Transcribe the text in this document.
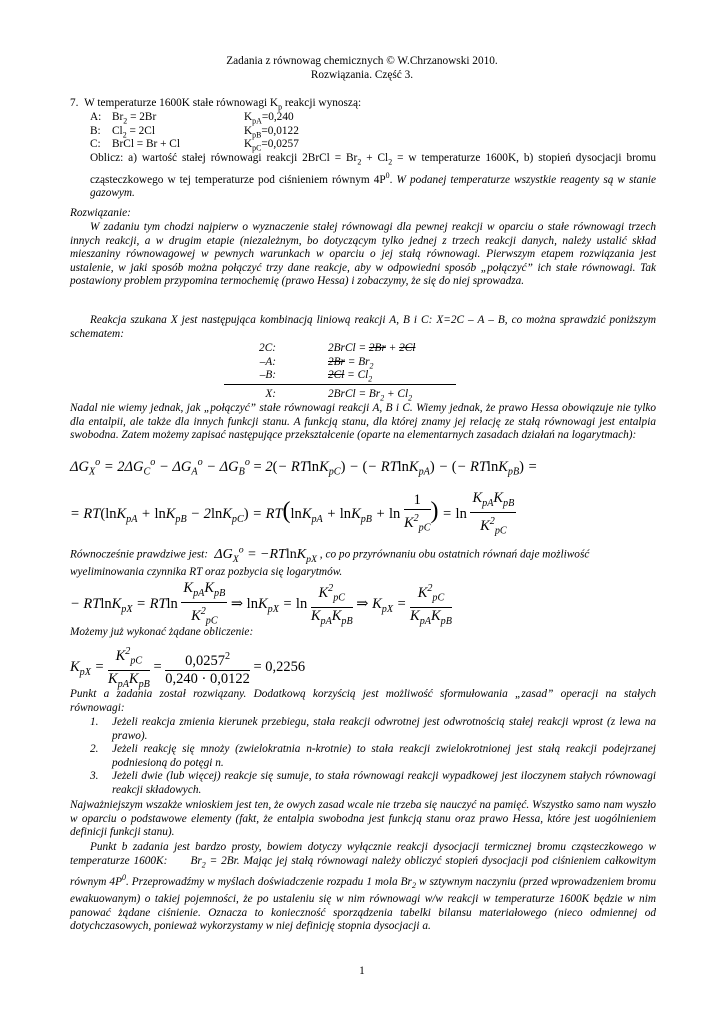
Zadania z równowag chemicznych © W.Chrzanowski 2010.
Rozwiązania. Część 3.
7.  W temperaturze 1600K stałe równowagi $K_p$ reakcji wynoszą:
A: $Br_2 = 2Br$	$K_{pA}=0,240$
B: $Cl_2 = 2Cl$	$K_{pB}=0,0122$
C: BrCl = Br + Cl	$K_{pC}=0,0257$
Oblicz: a) wartość stałej równowagi reakcji 2BrCl = $Br_2 + Cl_2 = w$ temperaturze 1600K, b) stopień dysocjacji bromu cząsteczkowego w tej temperaturze pod ciśnieniem równym $4P^0$. W podanej temperaturze wszystkie reagenty są w stanie gazowym.
Rozwiązanie:
W zadaniu tym chodzi najpierw o wyznaczenie stałej równowagi dla pewnej reakcji w oparciu o stałe równowagi trzech innych reakcji, a w drugim etapie (niezależnym, bo dotyczącym tylko jednej z trzech reakcji danych, należy ustalić skład mieszaniny równowagowej w pewnych warunkach w oparciu o jej stałą równowagi. Pierwszym etapem rozwiązania jest ustalenie, w jaki sposób można połączyć trzy dane reakcje, aby w odpowiedni sposób „połączyć” ich stałe równowagi. Tak postawiony problem przypomina termochemię (prawo Hessa) i zobaczymy, że się do niej sprowadza.
Reakcja szukana X jest następująca kombinacją liniową reakcji A, B i C: X=2C – A – B, co można sprawdzić poniższym schematem:
2C:	2BrCl = 2Br + 2Cl
–A:	$2Br = Br_2$
–B:	$2Cl = Cl_2$
X:	2BrCl = $Br_2 + Cl_2$
Nadal nie wiemy jednak, jak „połączyć” stałe równowagi reakcji A, B i C. Wiemy jednak, że prawo Hessa obowiązuje nie tylko dla entalpii, ale także dla innych funkcji stanu. A funkcją stanu, dla której znamy jej relację ze stałą równowagi jest entalpia swobodna. Zatem możemy zapisać następujące przekształcenie (oparte na elementarnych zasadach działań na logarytmach):
$\Delta G_X^o = 2\Delta G_C^o - \Delta G_A^o - \Delta G_B^o = 2(- RTlnK_{pC})$ − (− RTlnK$_{pA}$) − (− RTlnK$_{pB}$) =
= $RT(\ln K_{pA} + \ln K_{pB} - 2\ln K_{pC}) = RT(\ln K_{pA} + \ln K_{pB} + \ln \frac{1}{K^2_{pC}}$ ) = $\ln \frac{K_{pA}K_{pB}}{K^2_{pC}}$
Równocześnie prawdziwe jest:  $\Delta G_X^o = -RTlnK_{pX}$ , co po przyrównaniu obu ostatnich równań daje możliwość wyeliminowania czynnika RT oraz pozbycia się logarytmów.
− RTlnK$_{pX}$ = RTln $\frac{K_{pA}K_{pB}}{K^2_{pC}}$ ⇒ $\ln K_{pX} = \ln \frac{K^2_{pC}}{K_{pA}K_{pB}}$ ⇒ $K_{pX} = \frac{K^2_{pC}}{K_{pA}K_{pB}}$
Możemy już wykonać żądane obliczenie:
$K_{pX} = \frac{K^2_{pC}}{K_{pA}K_{pB}} = \frac{0,0257^2}{0,240 \cdot 0,0122} = 0,2256$
Punkt a zadania został rozwiązany. Dodatkową korzyścią jest możliwość sformułowania „zasad” operacji na stałych równowagi:
1. Jeżeli reakcja zmienia kierunek przebiegu, stała reakcji odwrotnej jest odwrotnością stałej reakcji wprost (z lewa na prawo).
2. Jeżeli reakcję się mnoży (zwielokratnia n-krotnie) to stała reakcji zwielokrotnionej jest stałą reakcji podejrzanej podniesioną do potęgi n.
3. Jeżeli dwie (lub więcej) reakcje się sumuje, to stała równowagi reakcji wypadkowej jest iloczynem stałych równowagi reakcji składowych.
Najważniejszym wszakże wnioskiem jest ten, że owych zasad wcale nie trzeba się nauczyć na pamięć. Wszystko samo nam wyszło w oparciu o podstawowe elementy (fakt, że entalpia swobodna jest funkcją stanu oraz prawo Hessa, które jest uogólnieniem definicji funkcji stanu).
Punkt b zadania jest bardzo prosty, bowiem dotyczy wyłącznie reakcji dysocjacji termicznej bromu cząsteczkowego w temperaturze 1600K:      $Br_2 = 2Br$. Mając jej stałą równowagi należy obliczyć stopień dysocjacji pod ciśnieniem całkowitym równym $4P^0$. Przeprowadźmy w myślach doświadczenie rozpadu 1 mola $Br_2$ w sztywnym naczyniu (przed wprowadzeniem bromu ewakuowanym) o takiej pojemności, że po ustaleniu się w nim równowagi w/w reakcji w temperaturze 1600K będzie w nim panować żądane ciśnienie. Oznacza to konieczność sporządzenia tabelki bilansu materiałowego (nieco odmiennej od dotychczasowych, ponieważ wykorzystamy w niej definicję stopnia dysocjacji a.
1
